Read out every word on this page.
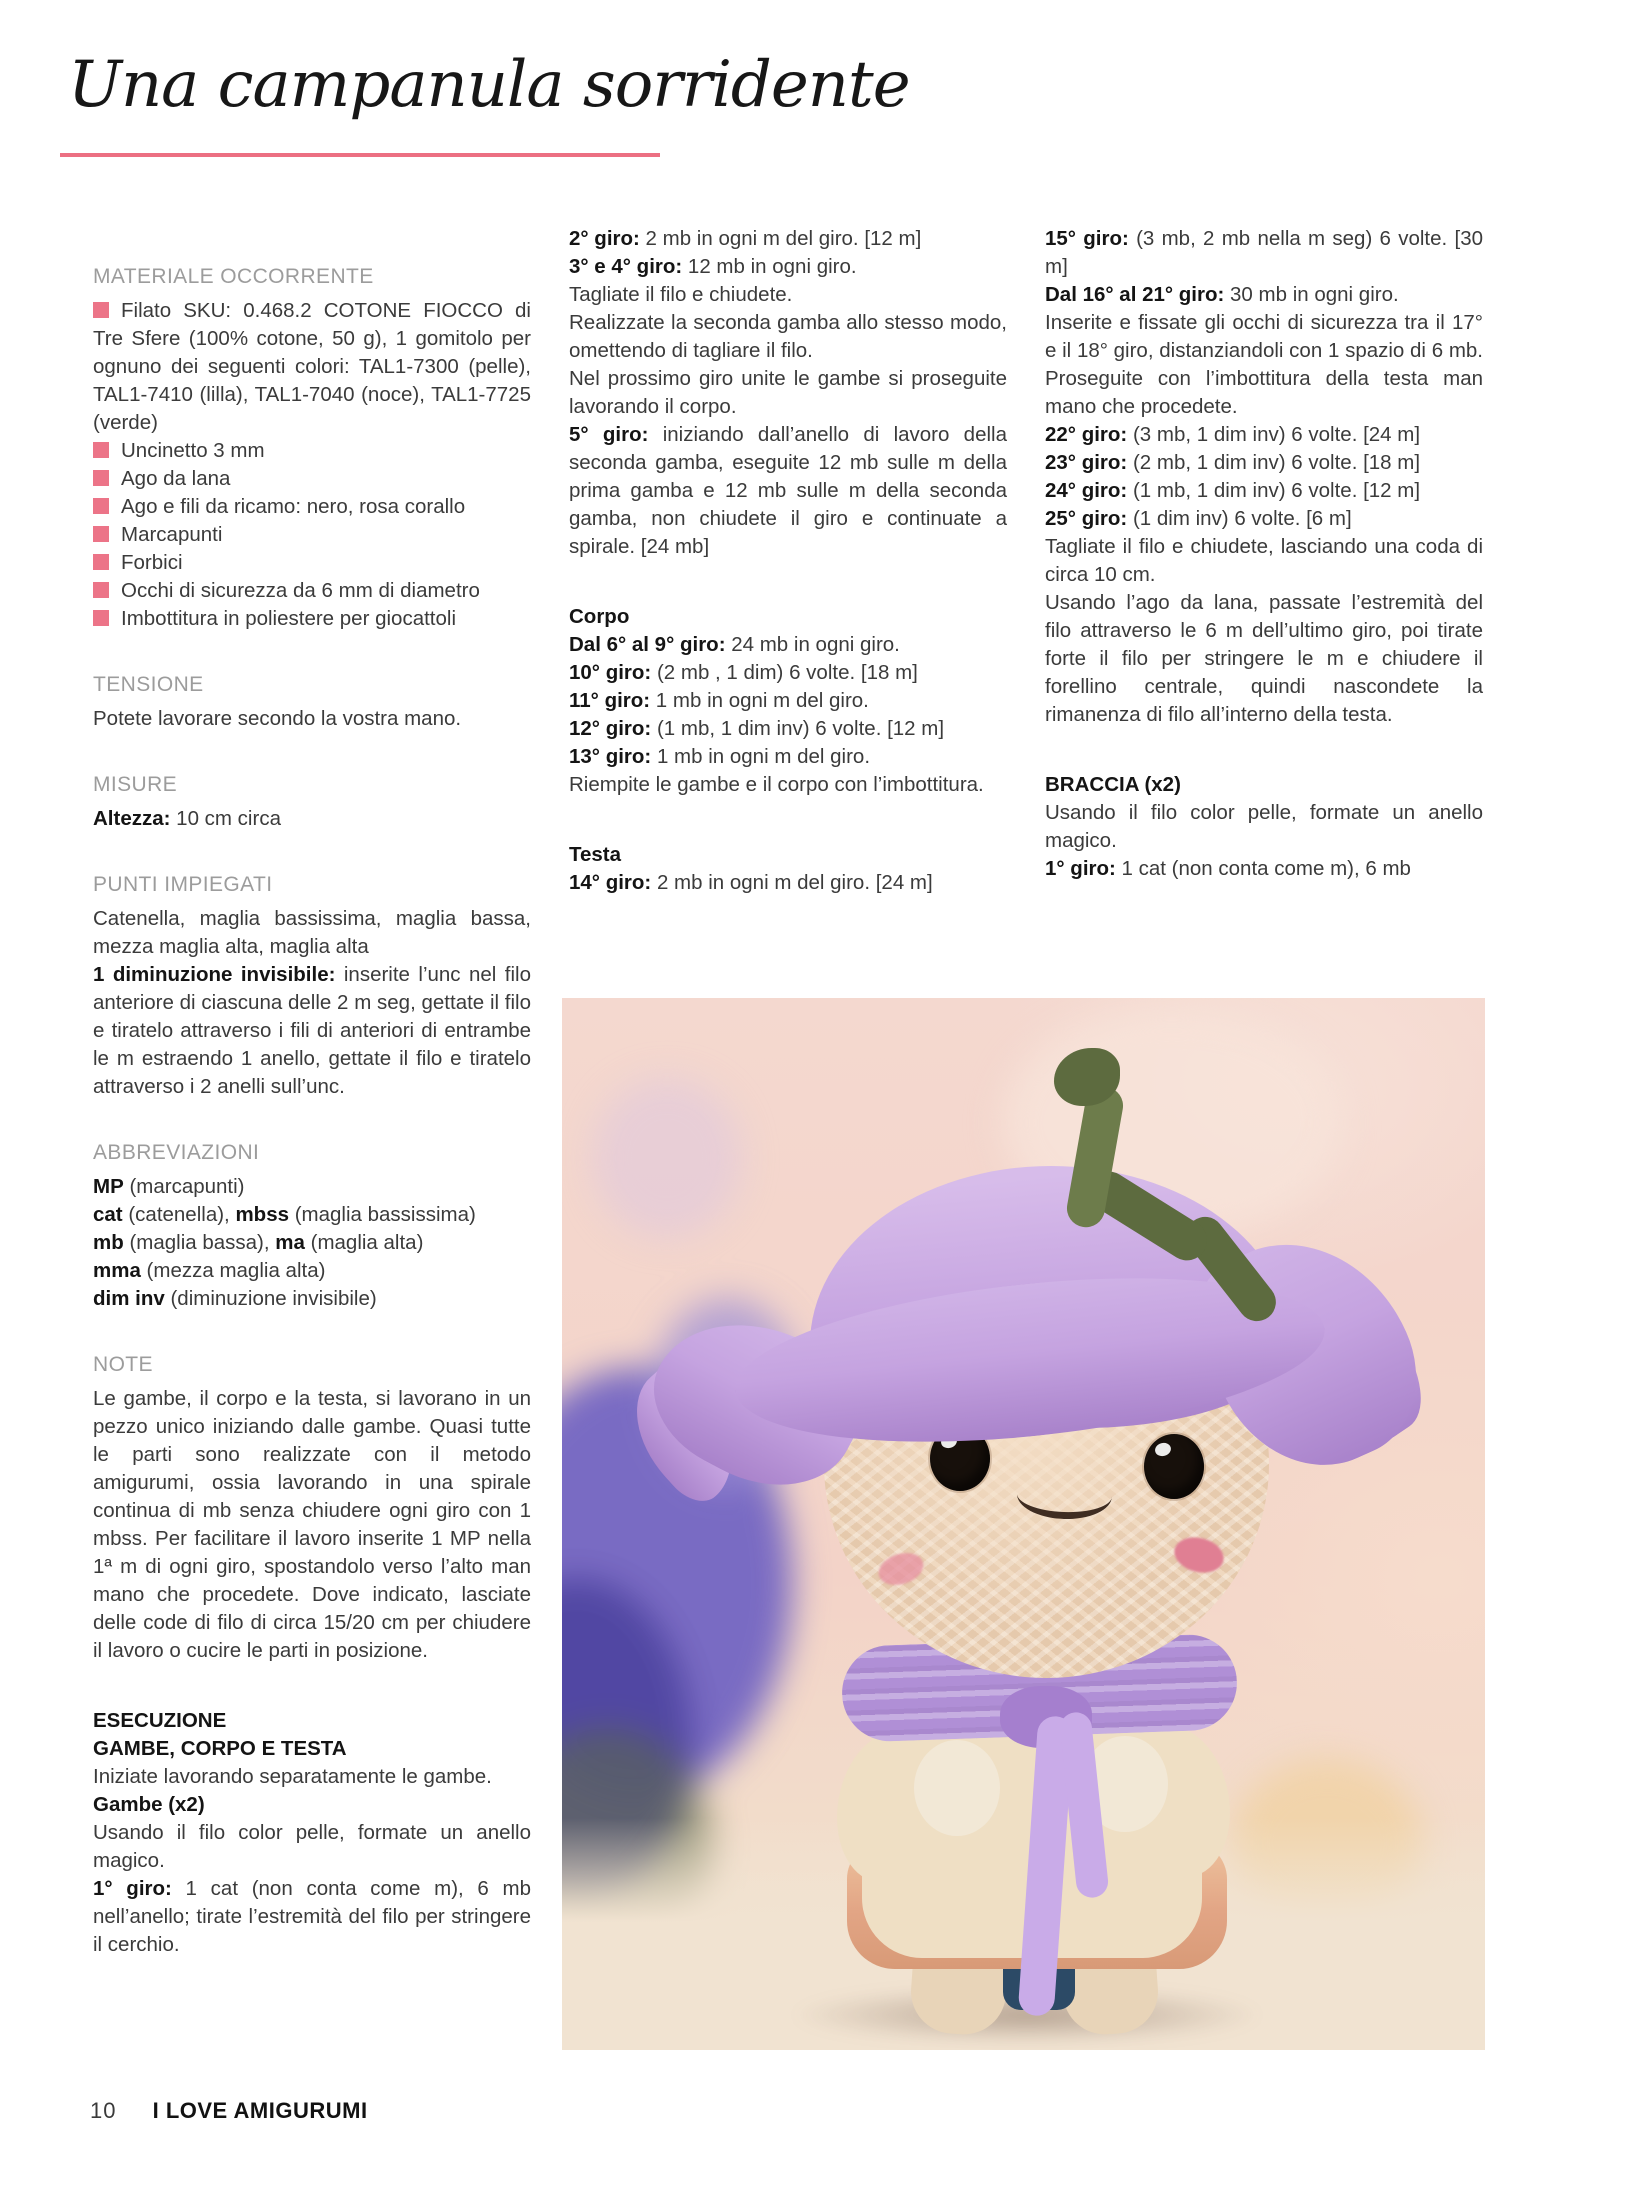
Una campanula sorridente
MATERIALE OCCORRENTE
Filato SKU: 0.468.2 COTONE FIOCCO di Tre Sfere (100% cotone, 50 g), 1 gomitolo per ognuno dei seguenti colori: TAL1-7300 (pelle), TAL1-7410 (lilla), TAL1-7040 (noce), TAL1-7725 (verde)
Uncinetto 3 mm
Ago da lana
Ago e fili da ricamo: nero, rosa corallo
Marcapunti
Forbici
Occhi di sicurezza da 6 mm di diametro
Imbottitura in poliestere per giocattoli
TENSIONE
Potete lavorare secondo la vostra mano.
MISURE
Altezza: 10 cm circa
PUNTI IMPIEGATI
Catenella, maglia bassissima, maglia bassa, mezza maglia alta, maglia alta
1 diminuzione invisibile: inserite l’unc nel filo anteriore di ciascuna delle 2 m seg, gettate il filo e tiratelo attraverso i fili di anteriori di entrambe le m estraendo 1 anello, gettate il filo e tiratelo attraverso i 2 anelli sull’unc.
ABBREVIAZIONI
MP (marcapunti)
cat (catenella), mbss (maglia bassissima)
mb (maglia bassa), ma (maglia alta)
mma (mezza maglia alta)
dim inv (diminuzione invisibile)
NOTE
Le gambe, il corpo e la testa, si lavorano in un pezzo unico iniziando dalle gambe. Quasi tutte le parti sono realizzate con il metodo amigurumi, ossia lavorando in una spirale continua di mb senza chiudere ogni giro con 1 mbss. Per facilitare il lavoro inserite 1 MP nella 1ª m di ogni giro, spostandolo verso l’alto man mano che procedete. Dove indicato, lasciate delle code di filo di circa 15/20 cm per chiudere il lavoro o cucire le parti in posizione.
ESECUZIONE
GAMBE, CORPO E TESTA
Iniziate lavorando separatamente le gambe.
Gambe (x2)
Usando il filo color pelle, formate un anello magico.
1° giro: 1 cat (non conta come m), 6 mb nell’anello; tirate l’estremità del filo per stringere il cerchio.
2° giro: 2 mb in ogni m del giro. [12 m]
3° e 4° giro: 12 mb in ogni giro.
Tagliate il filo e chiudete.
Realizzate la seconda gamba allo stesso modo, omettendo di tagliare il filo.
Nel prossimo giro unite le gambe si proseguite lavorando il corpo.
5° giro: iniziando dall’anello di lavoro della seconda gamba, eseguite 12 mb sulle m della prima gamba e 12 mb sulle m della seconda gamba, non chiudete il giro e continuate a spirale. [24 mb]
Corpo
Dal 6° al 9° giro: 24 mb in ogni giro.
10° giro: (2 mb , 1 dim) 6 volte. [18 m]
11° giro: 1 mb in ogni m del giro.
12° giro: (1 mb, 1 dim inv) 6 volte. [12 m]
13° giro: 1 mb in ogni m del giro.
Riempite le gambe e il corpo con l’imbottitura.
Testa
14° giro: 2 mb in ogni m del giro. [24 m]
15° giro: (3 mb, 2 mb nella m seg) 6 volte. [30 m]
Dal 16° al 21° giro: 30 mb in ogni giro.
Inserite e fissate gli occhi di sicurezza tra il 17° e il 18° giro, distanziandoli con 1 spazio di 6 mb. Proseguite con l’imbottitura della testa man mano che procedete.
22° giro: (3 mb, 1 dim inv) 6 volte. [24 m]
23° giro: (2 mb, 1 dim inv) 6 volte. [18 m]
24° giro: (1 mb, 1 dim inv) 6 volte. [12 m]
25° giro: (1 dim inv) 6 volte. [6 m]
Tagliate il filo e chiudete, lasciando una coda di circa 10 cm.
Usando l’ago da lana, passate l’estremità del filo attraverso le 6 m dell’ultimo giro, poi tirate forte il filo per stringere le m e chiudere il forellino centrale, quindi nascondete la rimanenza di filo all’interno della testa.
BRACCIA (x2)
Usando il filo color pelle, formate un anello magico.
1° giro: 1 cat (non conta come m), 6 mb
10 I LOVE AMIGURUMI
